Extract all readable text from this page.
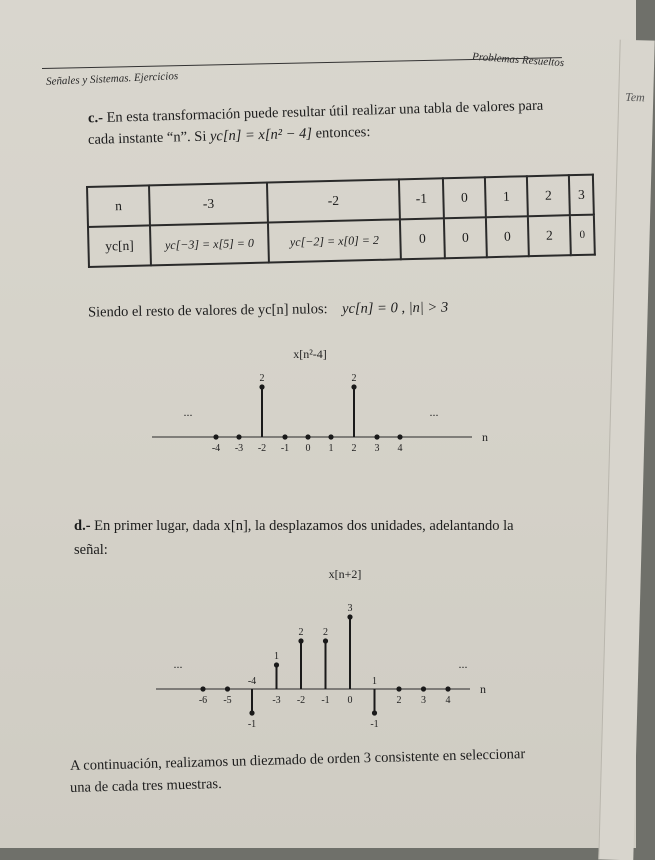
Tem
Problemas Resueltos
Señales y Sistemas. Ejercicios
c.- En esta transformación puede resultar útil realizar una tabla de valores para
cada instante “n”. Si yc[n] = x[n² − 4] entonces:
n	-3	-2	-1	0	1	2	3
yc[n]	yc[−3] = x[5] = 0	yc[−2] = x[0] = 2	0	0	0	2	0
Siendo el resto de valores de yc[n] nulos: yc[n] = 0 , |n| > 3
x[n²-4]
n
-4 -3 -2 -1 0 1 2 3 4
2	2
...	...
d.- En primer lugar, dada x[n], la desplazamos dos unidades, adelantando la
señal:
x[n+2]
n
-6 -5
-4
-3 -2 -1 0
1
2 3 4
-1
1
2 2
3
-1
...	...
A continuación, realizamos un diezmado de orden 3 consistente en seleccionar
una de cada tres muestras.
